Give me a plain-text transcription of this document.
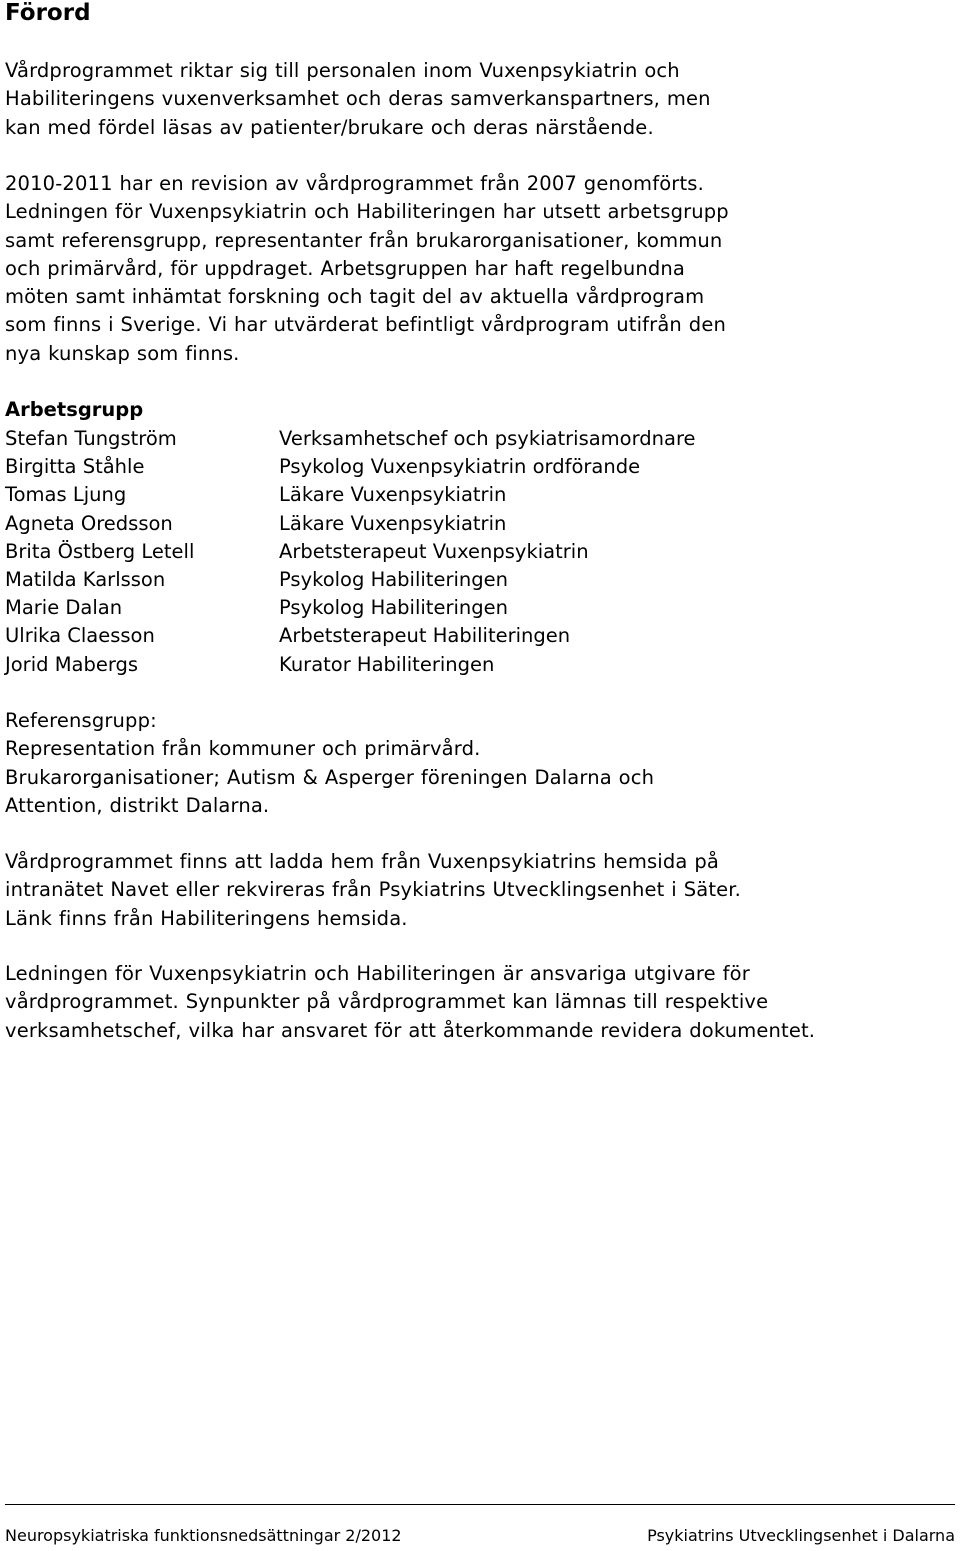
Förord
Vårdprogrammet riktar sig till personalen inom Vuxenpsykiatrin och
Habiliteringens vuxenverksamhet och deras samverkanspartners, men
kan med fördel läsas av patienter/brukare och deras närstående.
2010-2011 har en revision av vårdprogrammet från 2007 genomförts.
Ledningen för Vuxenpsykiatrin och Habiliteringen har utsett arbetsgrupp
samt referensgrupp, representanter från brukarorganisationer, kommun
och primärvård, för uppdraget. Arbetsgruppen har haft regelbundna
möten samt inhämtat forskning och tagit del av aktuella vårdprogram
som finns i Sverige. Vi har utvärderat befintligt vårdprogram utifrån den
nya kunskap som finns.
Arbetsgrupp
Stefan Tungström	Verksamhetschef och psykiatrisamordnare
Birgitta Ståhle	Psykolog Vuxenpsykiatrin ordförande
Tomas Ljung	Läkare Vuxenpsykiatrin
Agneta Oredsson	Läkare Vuxenpsykiatrin
Brita Östberg Letell	Arbetsterapeut Vuxenpsykiatrin
Matilda Karlsson	Psykolog Habiliteringen
Marie Dalan	Psykolog Habiliteringen
Ulrika Claesson	Arbetsterapeut Habiliteringen
Jorid Mabergs	Kurator Habiliteringen
Referensgrupp:
Representation från kommuner och primärvård.
Brukarorganisationer; Autism & Asperger föreningen Dalarna och
Attention, distrikt Dalarna.
Vårdprogrammet finns att ladda hem från Vuxenpsykiatrins hemsida på
intranätet Navet eller rekvireras från Psykiatrins Utvecklingsenhet i Säter.
Länk finns från Habiliteringens hemsida.
Ledningen för Vuxenpsykiatrin och Habiliteringen är ansvariga utgivare för
vårdprogrammet. Synpunkter på vårdprogrammet kan lämnas till respektive
verksamhetschef, vilka har ansvaret för att återkommande revidera dokumentet.
Neuropsykiatriska funktionsnedsättningar 2/2012	Psykiatrins Utvecklingsenhet i Dalarna
